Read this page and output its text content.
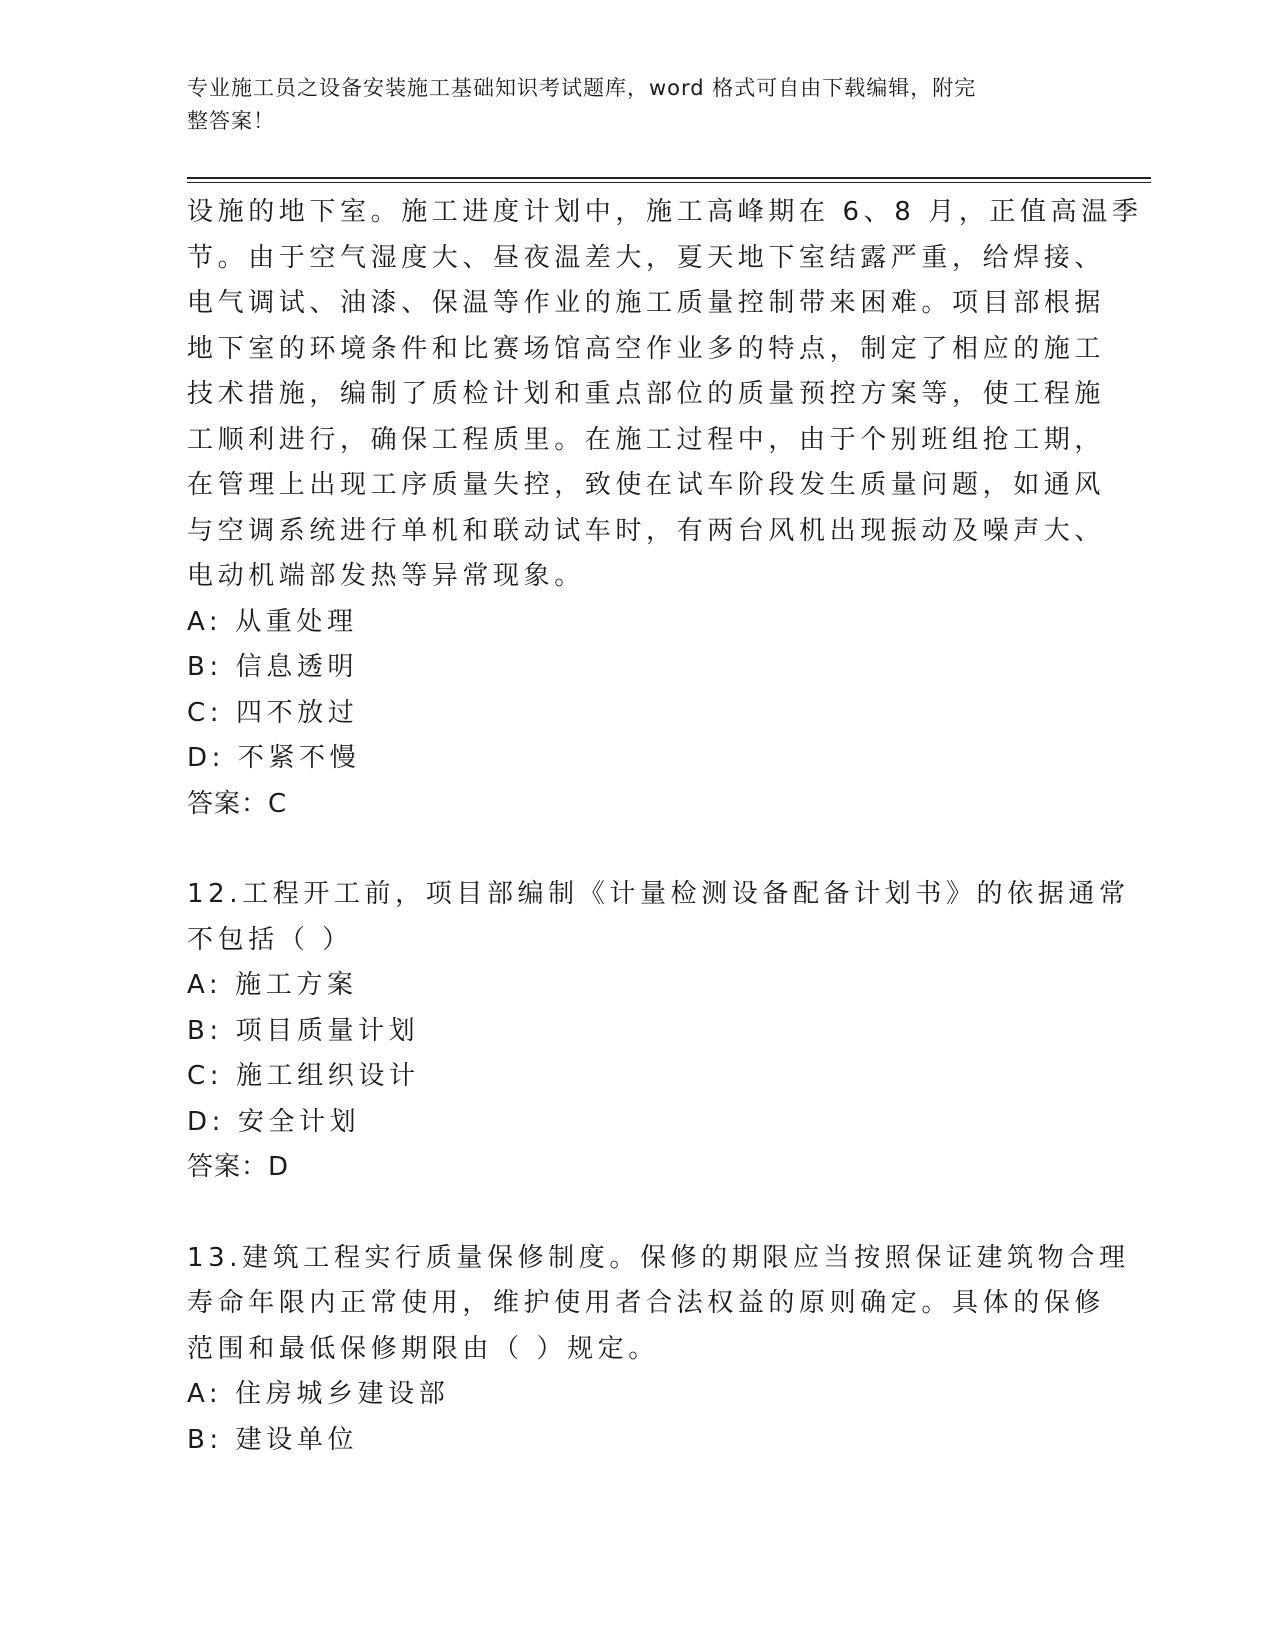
专业施工员之设备安装施工基础知识考试题库，word 格式可自由下载编辑，附完
整答案！
设施的地下室。施工进度计划中，施工高峰期在 6、8 月，正值高温季
节。由于空气湿度大、昼夜温差大，夏天地下室结露严重，给焊接、
电气调试、油漆、保温等作业的施工质量控制带来困难。项目部根据
地下室的环境条件和比赛场馆高空作业多的特点，制定了相应的施工
技术措施，编制了质检计划和重点部位的质量预控方案等，使工程施
工顺利进行，确保工程质里。在施工过程中，由于个别班组抢工期，
在管理上出现工序质量失控，致使在试车阶段发生质量问题，如通风
与空调系统进行单机和联动试车时，有两台风机出现振动及噪声大、
电动机端部发热等异常现象。
A: 从重处理
B: 信息透明
C: 四不放过
D: 不紧不慢
答案：C
12.工程开工前，项目部编制《计量检测设备配备计划书》的依据通常
不包括（ ）
A: 施工方案
B: 项目质量计划
C: 施工组织设计
D: 安全计划
答案：D
13.建筑工程实行质量保修制度。保修的期限应当按照保证建筑物合理
寿命年限内正常使用，维护使用者合法权益的原则确定。具体的保修
范围和最低保修期限由（ ）规定。
A: 住房城乡建设部
B: 建设单位
